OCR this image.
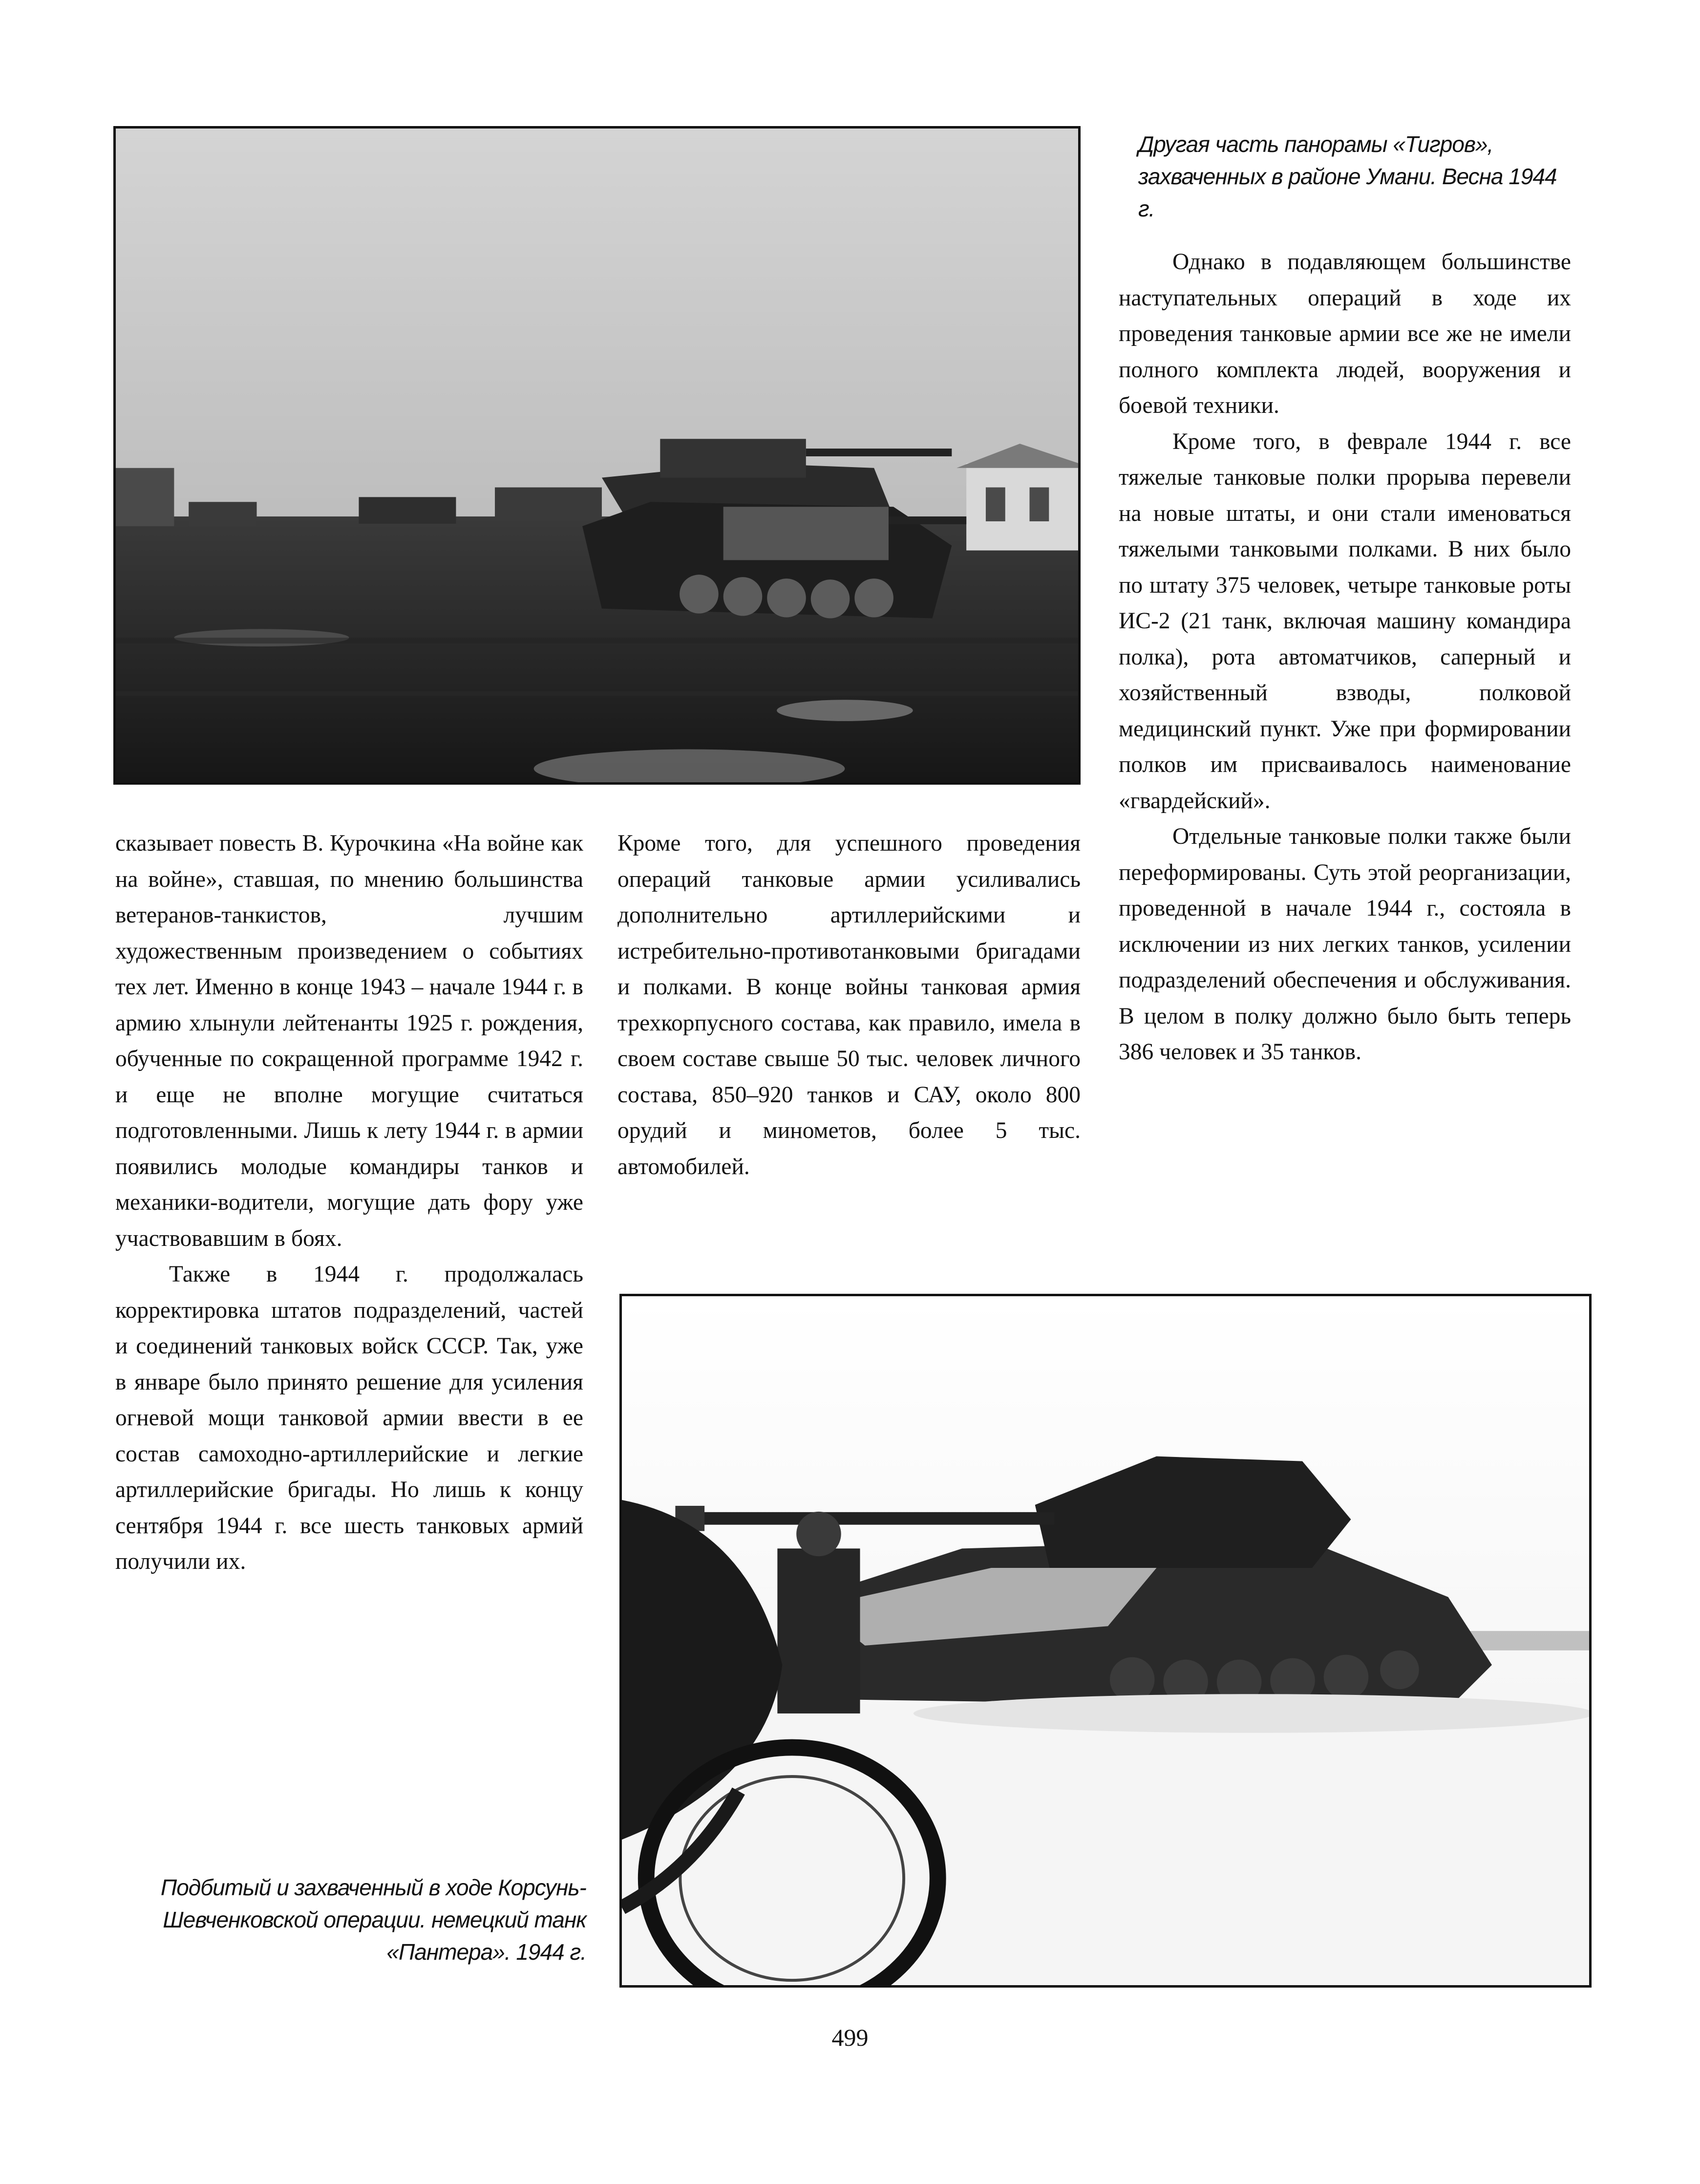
Другая часть панорамы «Тигров», захваченных в районе Умани. Весна 1944 г.

Подбитый и захваченный в ходе Корсунь-Шевченковской операции. немецкий танк «Пантера». 1944 г.

сказывает повесть В. Курочкина «На войне как на войне», ставшая, по мнению большинства ветеранов-танкистов, лучшим художественным произведением о событиях тех лет. Именно в конце 1943 – начале 1944 г. в армию хлынули лейтенанты 1925 г. рождения, обученные по сокращенной программе 1942 г. и еще не вполне могущие считаться подготовленными. Лишь к лету 1944 г. в армии появились молодые командиры танков и механики-водители, могущие дать фору уже участвовавшим в боях.

Также в 1944 г. продолжалась корректировка штатов подразделений, частей и соединений танковых войск СССР. Так, уже в январе было принято решение для усиления огневой мощи танковой армии ввести в ее состав самоходно-артиллерийские и легкие артиллерийские бригады. Но лишь к концу сентября 1944 г. все шесть танковых армий получили их.

Кроме того, для успешного проведения операций танковые армии усиливались дополнительно артиллерийскими и истребительно-противотанковыми бригадами и полками. В конце войны танковая армия трехкорпусного состава, как правило, имела в своем составе свыше 50 тыс. человек личного состава, 850–920 танков и САУ, около 800 орудий и минометов, более 5 тыс. автомобилей.

Однако в подавляющем большинстве наступательных операций в ходе их проведения танковые армии все же не имели полного комплекта людей, вооружения и боевой техники.

Кроме того, в феврале 1944 г. все тяжелые танковые полки прорыва перевели на новые штаты, и они стали именоваться тяжелыми танковыми полками. В них было по штату 375 человек, четыре танковые роты ИС-2 (21 танк, включая машину командира полка), рота автоматчиков, саперный и хозяйственный взводы, полковой медицинский пункт. Уже при формировании полков им присваивалось наименование «гвардейский».

Отдельные танковые полки также были переформированы. Суть этой реорганизации, проведенной в начале 1944 г., состояла в исключении из них легких танков, усилении подразделений обеспечения и обслуживания. В целом в полку должно было быть теперь 386 человек и 35 танков.

499
